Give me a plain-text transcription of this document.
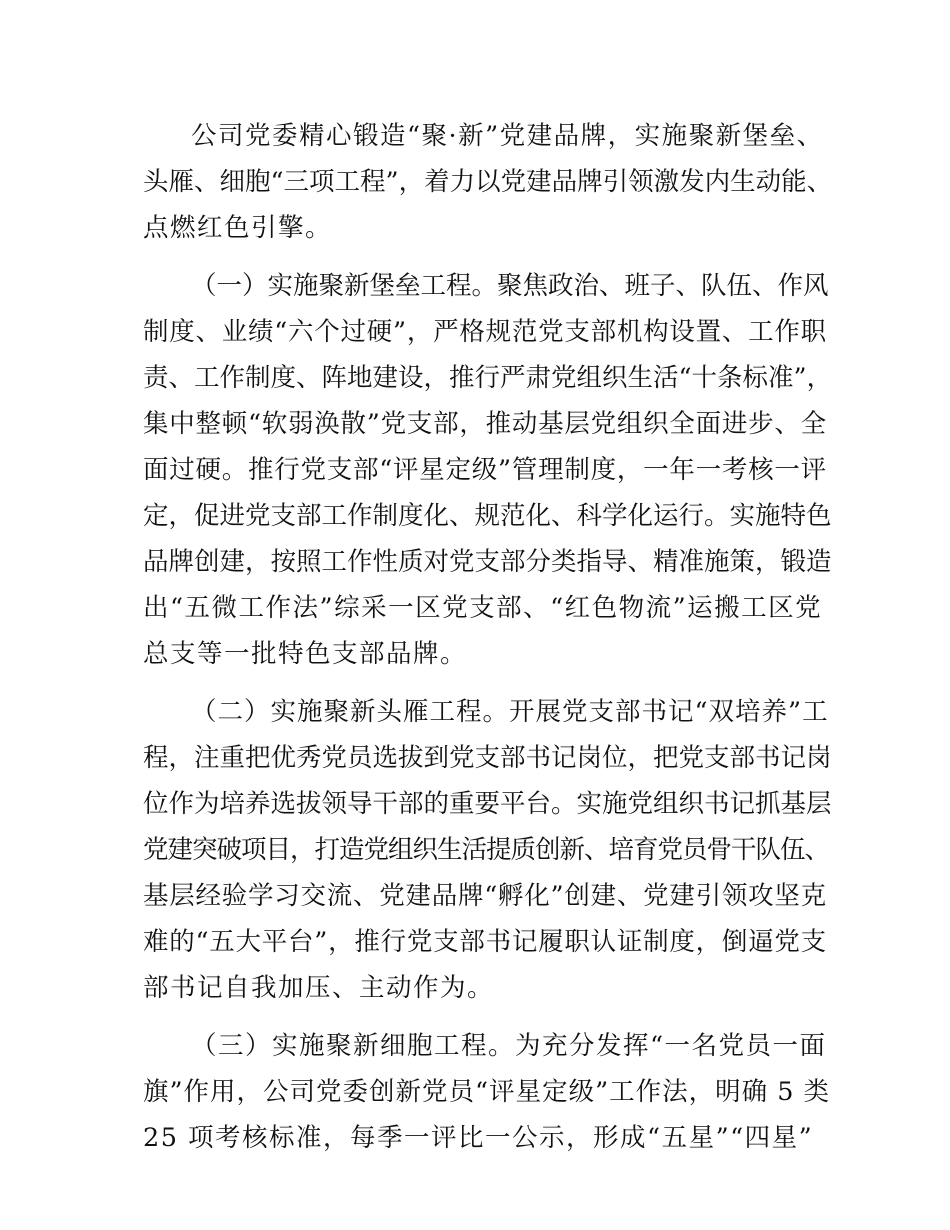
公司党委精心锻造“聚·新”党建品牌，实施聚新堡垒、
头雁、细胞“三项工程”，着力以党建品牌引领激发内生动能、
点燃红色引擎。
（一）实施聚新堡垒工程。聚焦政治、班子、队伍、作风
制度、业绩“六个过硬”，严格规范党支部机构设置、工作职
责、工作制度、阵地建设，推行严肃党组织生活“十条标准”，
集中整顿“软弱涣散”党支部，推动基层党组织全面进步、全
面过硬。推行党支部“评星定级”管理制度，一年一考核一评
定，促进党支部工作制度化、规范化、科学化运行。实施特色
品牌创建，按照工作性质对党支部分类指导、精准施策，锻造
出“五微工作法”综采一区党支部、“红色物流”运搬工区党
总支等一批特色支部品牌。
（二）实施聚新头雁工程。开展党支部书记“双培养”工
程，注重把优秀党员选拔到党支部书记岗位，把党支部书记岗
位作为培养选拔领导干部的重要平台。实施党组织书记抓基层
党建突破项目，打造党组织生活提质创新、培育党员骨干队伍、
基层经验学习交流、党建品牌“孵化”创建、党建引领攻坚克
难的“五大平台”，推行党支部书记履职认证制度，倒逼党支
部书记自我加压、主动作为。
（三）实施聚新细胞工程。为充分发挥“一名党员一面
旗”作用，公司党委创新党员“评星定级”工作法，明确 5 类
25 项考核标准，每季一评比一公示，形成“五星”“四星”
